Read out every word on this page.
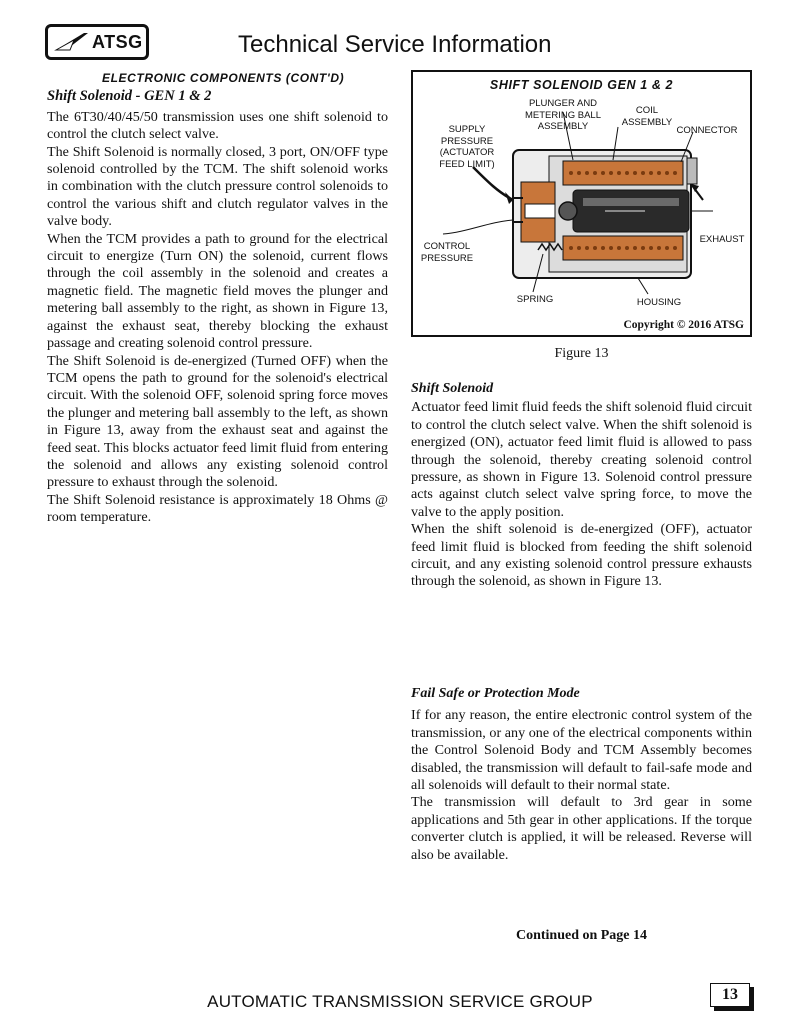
ATSG	Technical Service Information
ELECTRONIC COMPONENTS (CONT'D)
Shift Solenoid - GEN 1 & 2

The 6T30/40/45/50 transmission uses one shift solenoid to control the clutch select valve.

The Shift Solenoid is normally closed, 3 port, ON/OFF type solenoid controlled by the TCM. The shift solenoid works in combination with the clutch pressure control solenoids to control the various shift and clutch regulator valves in the valve body.

When the TCM provides a path to ground for the electrical circuit to energize (Turn ON) the solenoid, current flows through the coil assembly in the solenoid and creates a magnetic field. The magnetic field moves the plunger and metering ball assembly to the right, as shown in Figure 13, against the exhaust seat, thereby blocking the exhaust passage and creating solenoid control pressure.

The Shift Solenoid is de-energized (Turned OFF) when the TCM opens the path to ground for the solenoid's electrical circuit. With the solenoid OFF, solenoid spring force moves the plunger and metering ball assembly to the left, as shown in Figure 13, away from the exhaust seat and against the feed seat. This blocks actuator feed limit fluid from entering the solenoid and allows any existing solenoid control pressure to exhaust through the solenoid.

The Shift Solenoid resistance is approximately 18 Ohms @ room temperature.

SHIFT SOLENOID GEN 1 & 2
PLUNGER AND METERING BALL ASSEMBLY
COIL ASSEMBLY
CONNECTOR
SUPPLY PRESSURE (ACTUATOR FEED LIMIT)
EXHAUST
CONTROL PRESSURE
SPRING	HOUSING
Copyright © 2016 ATSG
Figure 13
Shift Solenoid

Actuator feed limit fluid feeds the shift solenoid fluid circuit to control the clutch select valve. When the shift solenoid is energized (ON), actuator feed limit fluid is allowed to pass through the solenoid, thereby creating solenoid control pressure, as shown in Figure 13. Solenoid control pressure acts against clutch select valve spring force, to move the valve to the apply position.

When the shift solenoid is de-energized (OFF), actuator feed limit fluid is blocked from feeding the shift solenoid circuit, and any existing solenoid control pressure exhausts through the solenoid, as shown in Figure 13.

Fail Safe or Protection Mode

If for any reason, the entire electronic control system of the transmission, or any one of the electrical components within the Control Solenoid Body and TCM Assembly becomes disabled, the transmission will default to fail-safe mode and all solenoids will default to their normal state.

The transmission will default to 3rd gear in some applications and 5th gear in other applications. If the torque converter clutch is applied, it will be released. Reverse will also be available.

Continued on Page 14
AUTOMATIC TRANSMISSION SERVICE GROUP	13
